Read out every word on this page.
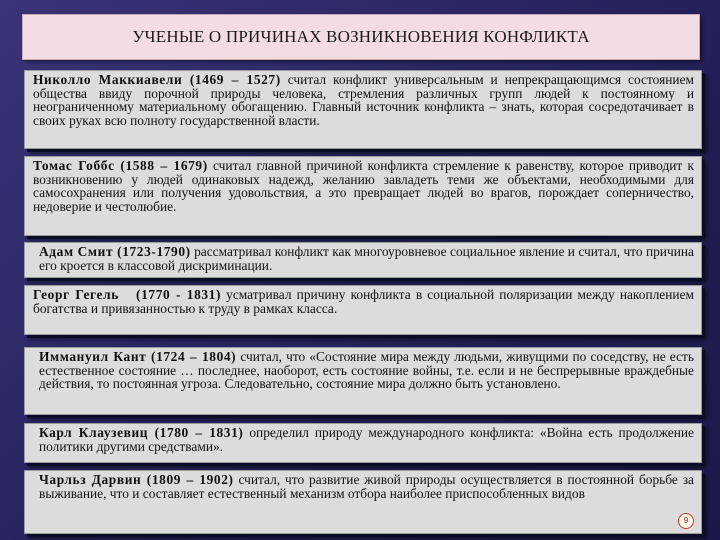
УЧЕНЫЕ О ПРИЧИНАХ ВОЗНИКНОВЕНИЯ КОНФЛИКТА
Николло Маккиавели (1469 – 1527) считал конфликт универсальным и непрекращающимся состоянием общества ввиду порочной природы человека, стремления различных групп людей к постоянному и неограниченному материальному обогащению. Главный источник конфликта – знать, которая сосредотачивает в своих руках всю полноту государственной власти.
Томас Гоббс (1588 – 1679) считал главной причиной конфликта стремление к равенству, которое приводит к возникновению у людей одинаковых надежд, желанию завладеть теми же объектами, необходимыми для самосохранения или получения удовольствия, а это превращает людей во врагов, порождает соперничество, недоверие и честолюбие.
Адам Смит (1723-1790) рассматривал конфликт как многоуровневое социальное явление и считал, что причина его кроется в классовой дискриминации.
Георг Гегель   (1770 - 1831) усматривал причину конфликта в социальной поляризации между накоплением богатства и привязанностью к труду в рамках класса.
Иммануил Кант (1724 – 1804) считал, что «Состояние мира между людьми, живущими по соседству, не есть естественное состояние … последнее, наоборот, есть состояние войны, т.е. если и не беспрерывные враждебные действия, то постоянная угроза. Следовательно, состояние мира должно быть установлено.
Карл Клаузевиц (1780 – 1831) определил природу международного конфликта: «Война есть продолжение политики другими средствами».
Чарльз Дарвин (1809 – 1902) считал, что развитие живой природы осуществляется в постоянной борьбе за выживание, что и составляет естественный механизм отбора наиболее приспособленных видов
9
